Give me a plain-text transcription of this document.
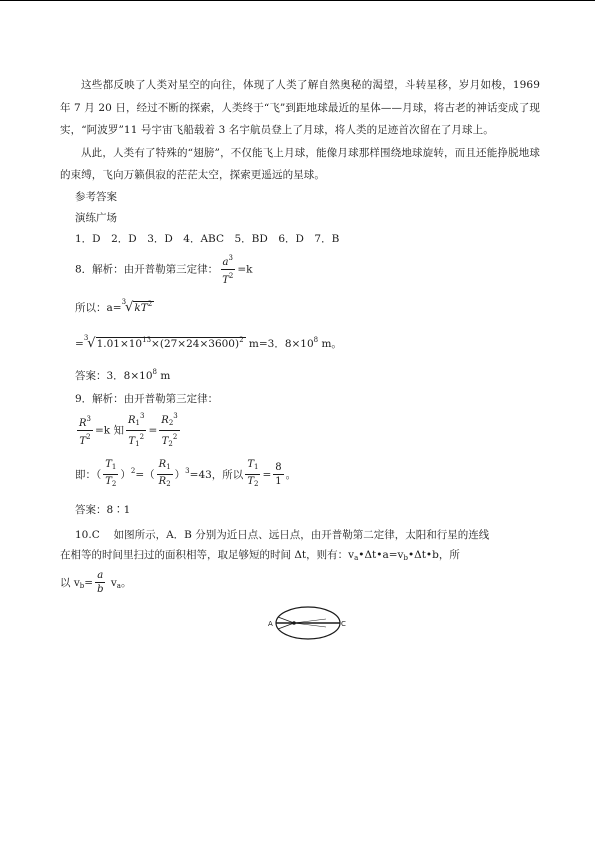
这些都反映了人类对星空的向往，体现了人类了解自然奥秘的渴望，斗转星移，岁月如梭，1969 年 7 月 20 日，经过不断的探索，人类终于“飞”到距地球最近的星体——月球，将古老的神话变成了现实，“阿波罗”11 号宇宙飞船载着 3 名宇航员登上了月球，将人类的足迹首次留在了月球上。

从此，人类有了特殊的“翅膀”，不仅能飞上月球，能像月球那样围绕地球旋转，而且还能挣脱地球的束缚，飞向万籁俱寂的茫茫太空，探索更遥远的星球。

参考答案

演练广场

1．D　2．D　3．D　4．ABC　5．BD　6．D　7．B

8．解析：由开普勒第三定律： $\frac{a^3}{T^2} =k$

所以：$a=^3√kT^2$

$=^3√1.01\times 10^{13}\times(27\times 24\times 3600)^2$ m=3．$8\times 10^8$ m。

答案：3．$8\times 10^8$ m

9．解析：由开普勒第三定律：

$\frac{R^3}{T^2} =k$ 知 $\frac{R_1^3}{T_1^2} = \frac{R_2^3}{T_2^2}$

即：（ $\frac{T_1}{T_2} )^2=( \frac{R_1}{R_2} )^3=43$，所以 $\frac{T_1}{T_2} = \frac{8}{1}$ 。

答案：8∶1

10.C　 如图所示，A．B 分别为近日点、远日点，由开普勒第二定律，太阳和行星的连线

在相等的时间里扫过的面积相等，取足够短的时间 Δt，则有：$v_a•\Delta t•a=v_b•\Delta t•b$，所

以 $v_b= \frac{a}{b} v_a$。

A	C
